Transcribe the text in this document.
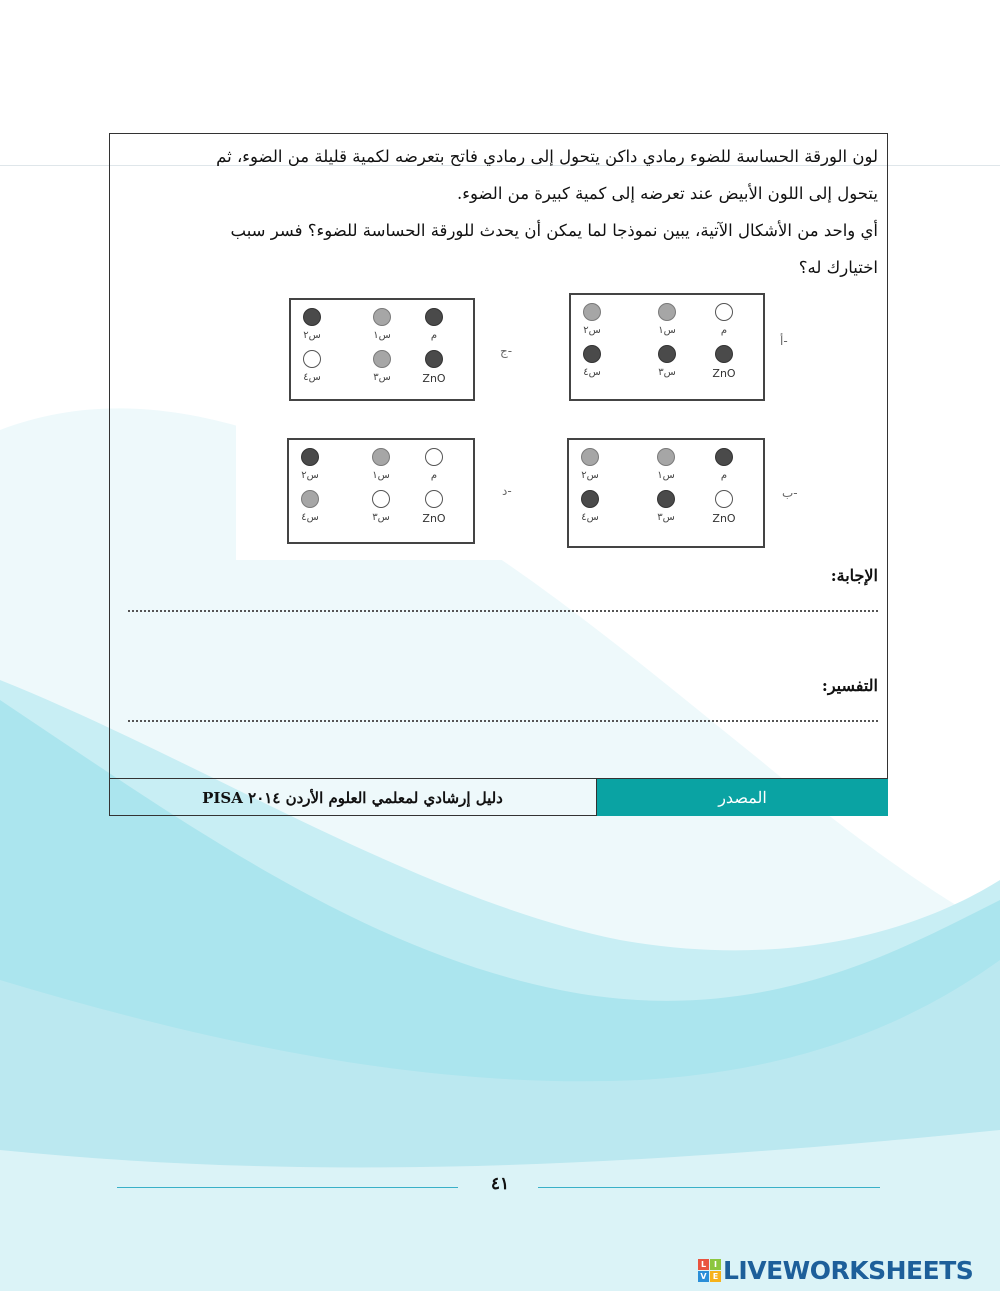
لون الورقة الحساسة للضوء رمادي داكن يتحول إلى رمادي فاتح بتعرضه لكمية قليلة من الضوء، ثم

يتحول إلى اللون الأبيض عند تعرضه إلى كمية كبيرة من الضوء.

أي واحد من الأشكال الآتية، يبين نموذجا لما يمكن أن يحدث للورقة الحساسة للضوء؟ فسر سبب

اختيارك له؟

م
س١
س٢
ZnO
س٣
س٤
أ-
م
س١
س٢
ZnO
س٣
س٤
ج-
م
س١
س٢
ZnO
س٣
س٤
ب-
م
س١
س٢
ZnO
س٣
س٤
د-
الإجابة:
التفسير:
دليل إرشادي لمعلمي العلوم الأردن ٢٠١٤ PISA	المصدر
٤١
L I
V E LIVEWORKSHEETS
